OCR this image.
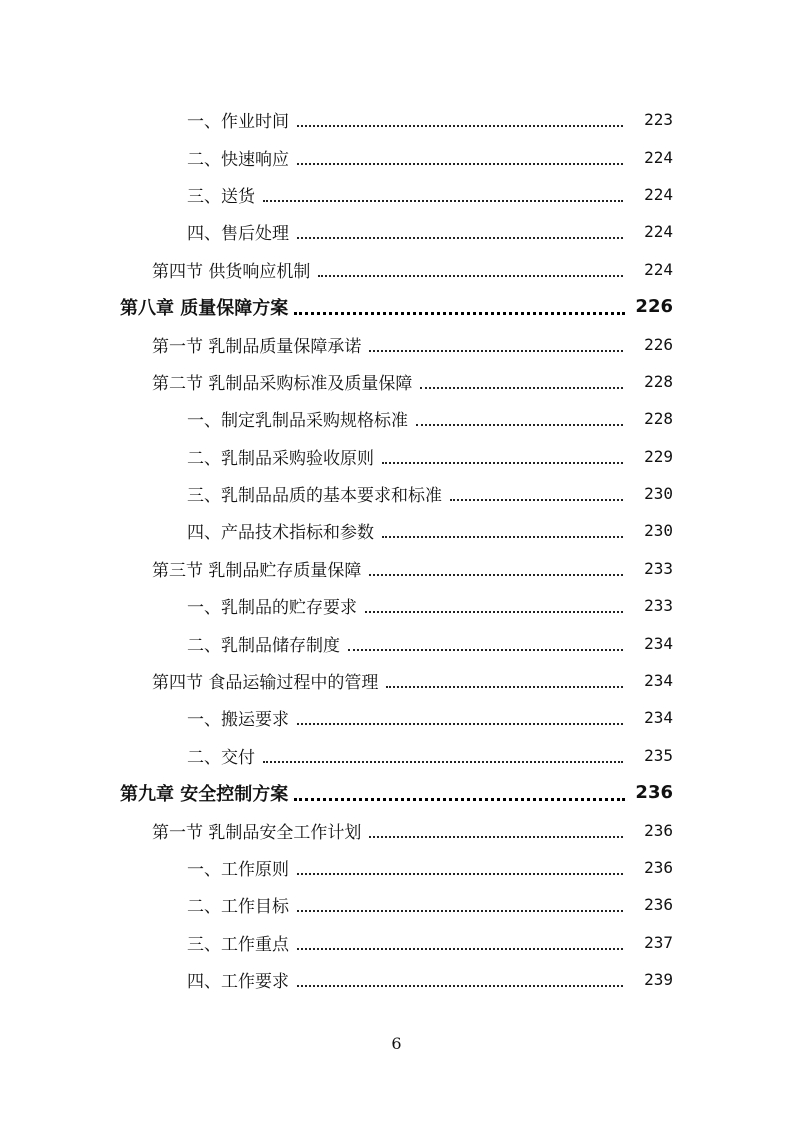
一、作业时间	223
二、快速响应	224
三、送货	224
四、售后处理	224
第四节 供货响应机制	224
第八章 质量保障方案	226
第一节 乳制品质量保障承诺	226
第二节 乳制品采购标准及质量保障	228
一、制定乳制品采购规格标准	228
二、乳制品采购验收原则	229
三、乳制品品质的基本要求和标准	230
四、产品技术指标和参数	230
第三节 乳制品贮存质量保障	233
一、乳制品的贮存要求	233
二、乳制品储存制度	234
第四节 食品运输过程中的管理	234
一、搬运要求	234
二、交付	235
第九章 安全控制方案	236
第一节 乳制品安全工作计划	236
一、工作原则	236
二、工作目标	236
三、工作重点	237
四、工作要求	239
6
